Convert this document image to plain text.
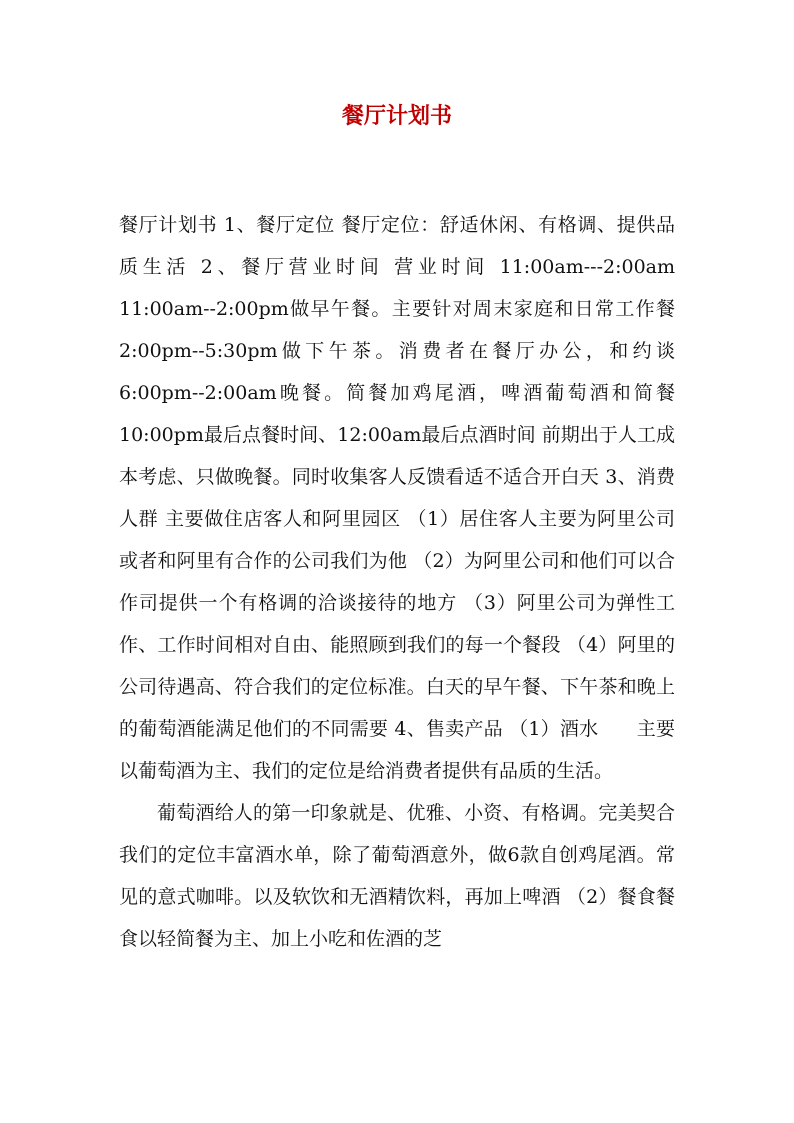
餐厅计划书

餐厅计划书 1、餐厅定位 餐厅定位：舒适休闲、有格调、提供品质生活 2、餐厅营业时间 营业时间 11:00am---2:00am 11:00am--2:00pm做早午餐。主要针对周末家庭和日常工作餐 2:00pm--5:30pm做下午茶。消费者在餐厅办公，和约谈 6:00pm--2:00am晚餐。简餐加鸡尾酒，啤酒葡萄酒和简餐 10:00pm最后点餐时间、12:00am最后点酒时间 前期出于人工成本考虑、只做晚餐。同时收集客人反馈看适不适合开白天 3、消费人群 主要做住店客人和阿里园区 （1）居住客人主要为阿里公司或者和阿里有合作的公司我们为他 （2）为阿里公司和他们可以合作司提供一个有格调的洽谈接待的地方 （3）阿里公司为弹性工作、工作时间相对自由、能照顾到我们的每一个餐段 （4）阿里的公司待遇高、符合我们的定位标准。白天的早午餐、下午茶和晚上的葡萄酒能满足他们的不同需要 4、售卖产品 （1）酒水　　主要以葡萄酒为主、我们的定位是给消费者提供有品质的生活。

葡萄酒给人的第一印象就是、优雅、小资、有格调。完美契合我们的定位丰富酒水单，除了葡萄酒意外，做6款自创鸡尾酒。常见的意式咖啡。以及软饮和无酒精饮料，再加上啤酒 （2）餐食餐食以轻简餐为主、加上小吃和佐酒的芝
